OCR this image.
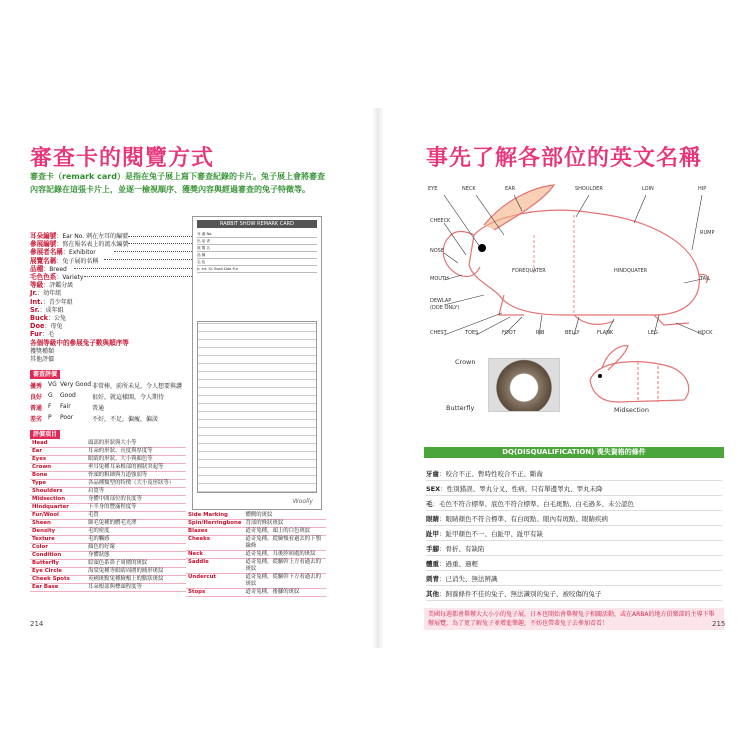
審查卡的閱覽方式
審查卡（remark card）是指在兔子展上寫下審查紀錄的卡片。兔子展上會將審查
內容記錄在這張卡片上，並逐一檢視順序、獲獎內容與經過審查的兔子特徵等。
耳朵編號：Ear No. 刺在左耳的編號
參展編號：寫在報名表上的流水編號
參展者名稱：Exhibitor
展覽名稱：兔子展的名稱
品種：Breed
毛色色系：Variety
等級：評鑑分級
Jr.：幼年組
Int.：青少年組
Sr.：成年組
Buck：公兔
Doe：母兔
Fur：毛
各個等級中的參展兔子數與順序等
獲獎種類
其他評價
RABBIT SHOW REMARK CARD
耳 番 No.
出 品 者
展 覽 名
品 種
毛 色
Jr. Int. Sr. Buck Doe Fur
Woolly
審查評價
優秀 VG Very Good 非常棒，前所未見，令人想要與讚
良好 G Good	很好，就這樣開，令人期待
普通 F Fair	普通
差劣 P Poor	不好，不足，偏瘦，偏淡
評價項目
Head	頭部的形狀與大小等
Ear	耳朵的形狀、長度與厚度等
Eyes	眼睛的形狀、大小與顏色等
Crown	垂耳兔種耳朵根部的圓狀突起等
Bone	骨頭的粗細與力道強弱等
Type	各品種類型的特徵（大小及形狀等）
Shoulders	肩寬等
Midsection	身體中間部位的長度等
Hindquarter	下半身的豐滿程度等
Fur/Wool	毛質
Sheen	細毛兔種的體毛光澤
Density	毛的密度
Texture	毛的觸感
Color	顏色的好壞
Condition	身體狀態
Butterfly	綜頭色系鼻子周圍的斑紋
Eye Circle	海棠兔種等眼睛周圍的圓形斑紋
Cheek Spots	英國斑點兔種臉頰上的點狀斑紋
Ear Base	耳朵根部與標頭程度等
Side Marking	體側的斑紋
Spin/Herringbone	背部的條狀斑紋
Blazes	道奇兔種，頭上的白色斑紋
Cheeks	道奇兔種，從臉頰看過去的下顎線條
Neck	道奇兔種，耳後脖頸處的斑紋
Saddle	道奇兔種，從驅幹上方看過去的斑紋
Undercut	道奇兔種，從驅幹下方看過去的斑紋
Stops	道奇兔種，後腳的斑紋
214
事先了解各部位的英文名稱
EYE	NECK	EAR	SHOULDER	LOIN	HIP
CHEECK
RUMP
NOSE
MOUTH
FOREQUATER	HINDQUATER
TAIL
DEWLAP
(DOE ONLY)
CHEST	TOES	FOOT	RIB	BELLY	FLANK	LEG	HOCK
Crown
Butterfly	Midsection
DQ(DISQUALIFICATION) 喪失資格的條件
牙齒：咬合不正、暫時性咬合不正、斷齒
SEX：性別錯誤、睪丸分叉、性病、只有單邊睪丸、睪丸未降
毛：毛色不符合標準、底色不符合標準、白毛斑點、白毛過多、未公認色
眼睛：眼睛顏色不符合標準、有白斑點、眼內有斑點、眼睛疾病
趾甲：趾甲顏色不一、白趾甲、趾甲有缺
手腳：骨折、有缺陷
體重：過重、過輕
刺青：已消失、無法辨識
其他：飼養條件不佳的兔子、無法識別的兔子、被咬傷的兔子
美國每週都會舉辦大大小小的兔子展，日本也開始會舉辦兔子相關活動，或在ARBA的地方俱樂部的主導下舉辦展覽，為了更了解兔子並增進樂趣，不妨也帶著兔子去參加看看！	215
